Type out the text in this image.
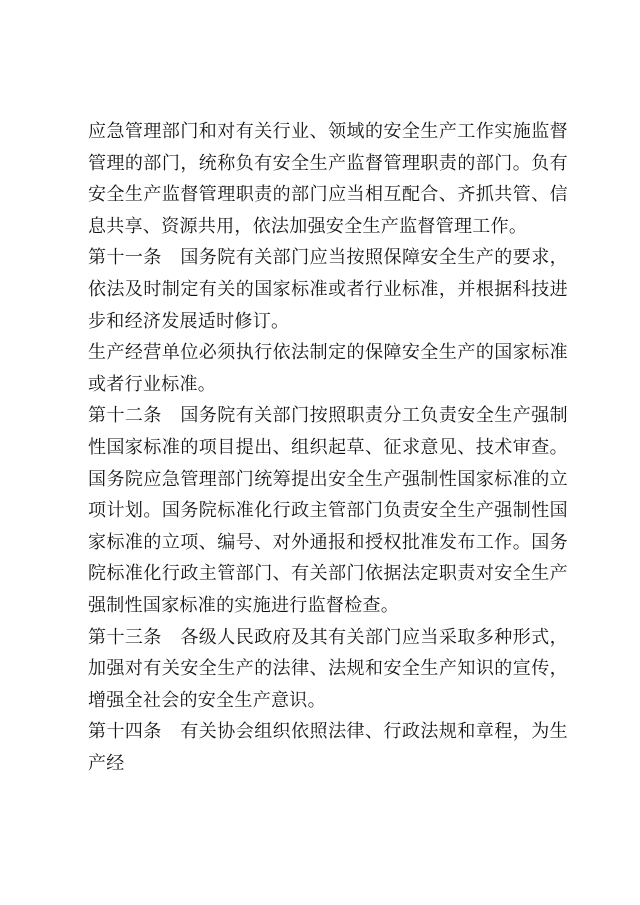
应急管理部门和对有关行业、领域的安全生产工作实施监督管理的部门，统称负有安全生产监督管理职责的部门。负有安全生产监督管理职责的部门应当相互配合、齐抓共管、信息共享、资源共用，依法加强安全生产监督管理工作。

第十一条　国务院有关部门应当按照保障安全生产的要求，依法及时制定有关的国家标准或者行业标准，并根据科技进步和经济发展适时修订。

生产经营单位必须执行依法制定的保障安全生产的国家标准或者行业标准。

第十二条　国务院有关部门按照职责分工负责安全生产强制性国家标准的项目提出、组织起草、征求意见、技术审查。国务院应急管理部门统筹提出安全生产强制性国家标准的立项计划。国务院标准化行政主管部门负责安全生产强制性国家标准的立项、编号、对外通报和授权批准发布工作。国务院标准化行政主管部门、有关部门依据法定职责对安全生产强制性国家标准的实施进行监督检查。

第十三条　各级人民政府及其有关部门应当采取多种形式，加强对有关安全生产的法律、法规和安全生产知识的宣传，增强全社会的安全生产意识。

第十四条　有关协会组织依照法律、行政法规和章程，为生产经
